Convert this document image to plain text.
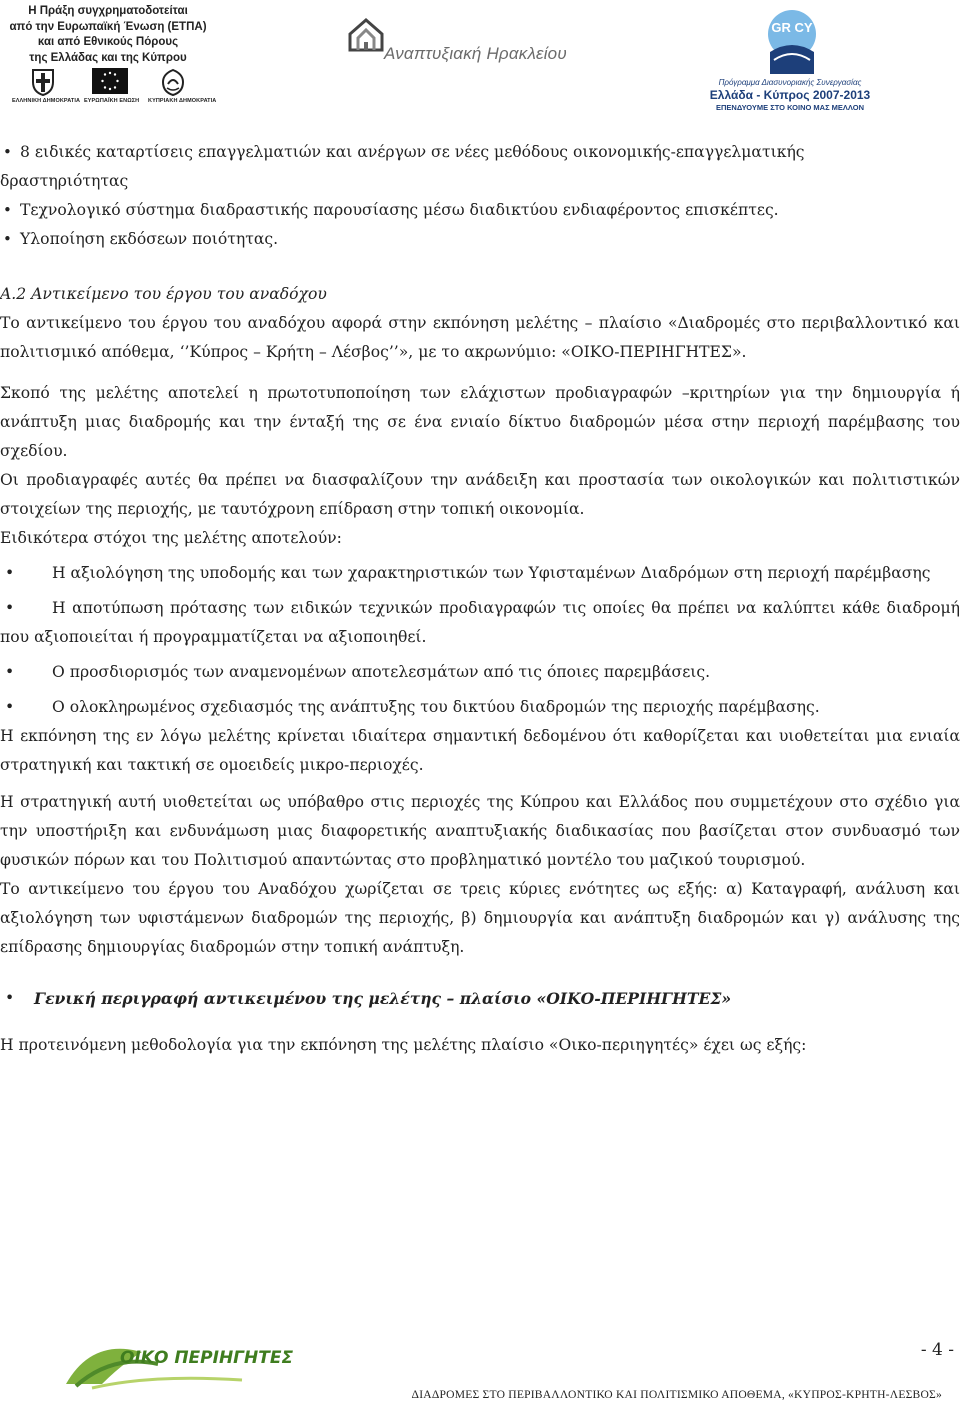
Η Πράξη συγχρηματοδοτείται
από την Ευρωπαϊκή Ένωση (ΕΤΠΑ)
και από Εθνικούς Πόρους
της Ελλάδας και της Κύπρου
ΕΛΛΗΝΙΚΗ ΔΗΜΟΚΡΑΤΙΑ ΕΥΡΩΠΑΪΚΗ ΕΝΩΣΗ ΚΥΠΡΙΑΚΗ ΔΗΜΟΚΡΑΤΙΑ
Αναπτυξιακή Ηρακλείου
GR CY
Πρόγραμμα Διασυνοριακής Συνεργασίας
Ελλάδα - Κύπρος 2007-2013
ΕΠΕΝΔΥΟΥΜΕ ΣΤΟ ΚΟΙΝΟ ΜΑΣ ΜΕΛΛΟΝ
• 8 ειδικές καταρτίσεις επαγγελματιών και ανέργων σε νέες μεθόδους οικονομικής-επαγγελματικής

δραστηριότητας

• Τεχνολογικό σύστημα διαδραστικής παρουσίασης μέσω διαδικτύου ενδιαφέροντος επισκέπτες.
• Υλοποίηση εκδόσεων ποιότητας.

Α.2 Αντικείμενο του έργου του αναδόχου

Το αντικείμενο του έργου του αναδόχου αφορά στην εκπόνηση μελέτης – πλαίσιο «Διαδρομές στο περιβαλλοντικό και πολιτισμικό απόθεμα, ‘’Κύπρος – Κρήτη – Λέσβος’’», με το ακρωνύμιο: «ΟΙΚΟ-ΠΕΡΙΗΓΗΤΕΣ».

Σκοπό της μελέτης αποτελεί η πρωτοτυποποίηση των ελάχιστων προδιαγραφών –κριτηρίων για την δημιουργία ή ανάπτυξη μιας διαδρομής και την ένταξή της σε ένα ενιαίο δίκτυο διαδρομών μέσα στην περιοχή παρέμβασης του σχεδίου.

Οι προδιαγραφές αυτές θα πρέπει να διασφαλίζουν την ανάδειξη και προστασία των οικολογικών και πολιτιστικών στοιχείων της περιοχής, με ταυτόχρονη επίδραση στην τοπική οικονομία.

Ειδικότερα στόχοι της μελέτης αποτελούν:

•	Η αξιολόγηση της υποδομής και των χαρακτηριστικών των Υφισταμένων Διαδρόμων στη περιοχή παρέμβασης
•	Η αποτύπωση πρότασης των ειδικών τεχνικών προδιαγραφών τις οποίες θα πρέπει να καλύπτει κάθε διαδρομή που αξιοποιείται ή προγραμματίζεται να αξιοποιηθεί.
•	Ο προσδιορισμός των αναμενομένων αποτελεσμάτων από τις όποιες παρεμβάσεις.
•	Ο ολοκληρωμένος σχεδιασμός της ανάπτυξης του δικτύου διαδρομών της περιοχής παρέμβασης.

Η εκπόνηση της εν λόγω μελέτης κρίνεται ιδιαίτερα σημαντική δεδομένου ότι καθορίζεται και υιοθετείται μια ενιαία στρατηγική και τακτική σε ομοειδείς μικρο-περιοχές.

Η στρατηγική αυτή υιοθετείται ως υπόβαθρο στις περιοχές της Κύπρου και Ελλάδος που συμμετέχουν στο σχέδιο για την υποστήριξη και ενδυνάμωση μιας διαφορετικής αναπτυξιακής διαδικασίας που βασίζεται στον συνδυασμό των φυσικών πόρων και του Πολιτισμού απαντώντας στο προβληματικό μοντέλο του μαζικού τουρισμού.

Το αντικείμενο του έργου του Αναδόχου χωρίζεται σε τρεις κύριες ενότητες ως εξής: α) Καταγραφή, ανάλυση και αξιολόγηση των υφιστάμενων διαδρομών της περιοχής, β) δημιουργία και ανάπτυξη διαδρομών και γ) ανάλυσης της επίδρασης δημιουργίας διαδρομών στην τοπική ανάπτυξη.

•	Γενική περιγραφή αντικειμένου της μελέτης – πλαίσιο «ΟΙΚΟ-ΠΕΡΙΗΓΗΤΕΣ»

Η προτεινόμενη μεθοδολογία για την εκπόνηση της μελέτης πλαίσιο «Οικο-περιηγητές» έχει ως εξής:

ΟΙΚΟ ΠΕΡΙΗΓΗΤΕΣ	- 4 -
ΔΙΑΔΡΟΜΕΣ ΣΤΟ ΠΕΡΙΒΑΛΛΟΝΤΙΚΟ ΚΑΙ ΠΟΛΙΤΙΣΜΙΚΟ ΑΠΟΘΕΜΑ, «ΚΥΠΡΟΣ-ΚΡΗΤΗ-ΛΕΣΒΟΣ»
